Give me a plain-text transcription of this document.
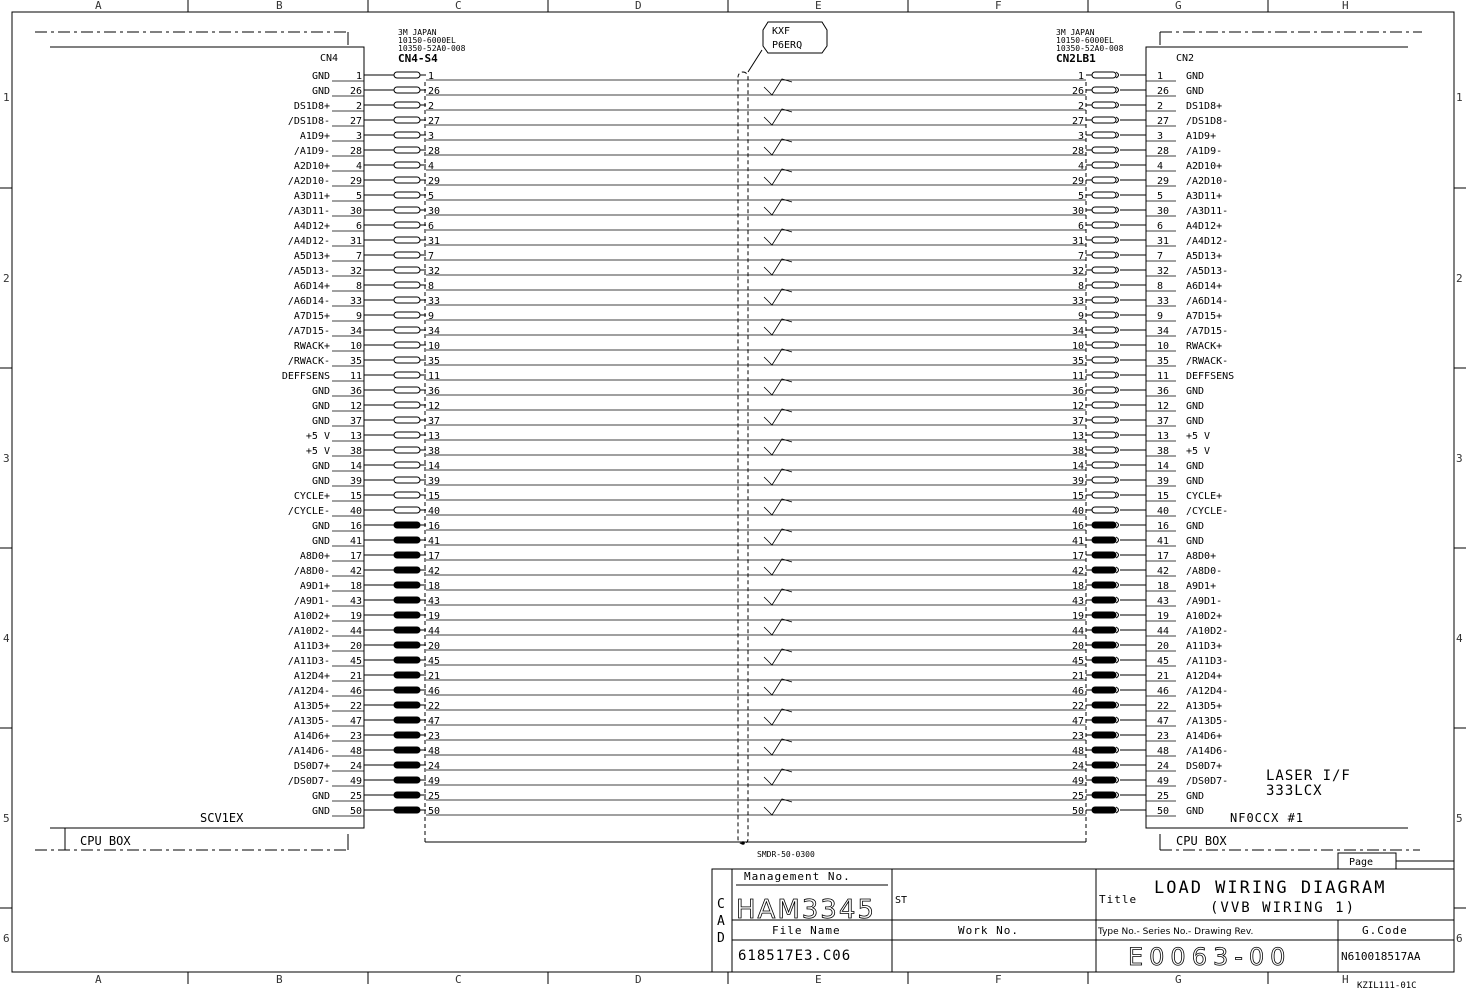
A
A
B
B
C
C
D
D
E
E
F
F
G
G
H
H
1	1
2	2
3	3
4	4
5	5
6	6
CN4
SCV1EX
CPU BOX
3M JAPAN
10150-6000EL
10350-52A0-008
CN4-S4
3M JAPAN
10150-6000EL
10350-52A0-008
CN2LB1
KXF
P6ERQ
SMDR-50-0300
GND	1	1	1	1 GND
GND 26	26	26	26 GND
DS1D8+	2	2	2	2 DS1D8+
/DS1D8- 27	27	27	27 /DS1D8-
A1D9+	3	3	3	3 A1D9+
/A1D9- 28	28	28	28 /A1D9-
A2D10+	4	4	4	4 A2D10+
/A2D10- 29	29	29	29 /A2D10-
A3D11+	5	5	5	5 A3D11+
/A3D11- 30	30	30	30 /A3D11-
A4D12+	6	6	6	6 A4D12+
/A4D12- 31	31	31	31 /A4D12-
A5D13+	7	7	7	7 A5D13+
/A5D13- 32	32	32	32 /A5D13-
A6D14+	8	8	8	8 A6D14+
/A6D14- 33	33	33	33 /A6D14-
A7D15+	9	9	9	9 A7D15+
/A7D15- 34	34	34	34 /A7D15-
RWACK+ 10	10	10	10 RWACK+
/RWACK- 35	35	35	35 /RWACK-
DEFFSENS 11	11	11	11 DEFFSENS
GND 36	36	36	36 GND
GND 12	12	12	12 GND
GND 37	37	37	37 GND
+5 V 13	13	13	13 +5 V
+5 V 38	38	38	38 +5 V
GND 14	14	14	14 GND
GND 39	39	39	39 GND
CYCLE+ 15	15	15	15 CYCLE+
/CYCLE- 40	40	40	40 /CYCLE-
GND 16	16	16	16 GND
GND 41	41	41	41 GND
A8D0+ 17	17	17	17 A8D0+
/A8D0- 42	42	42	42 /A8D0-
A9D1+ 18	18	18	18 A9D1+
/A9D1- 43	43	43	43 /A9D1-
A10D2+ 19	19	19	19 A10D2+
/A10D2- 44	44	44	44 /A10D2-
A11D3+ 20	20	20	20 A11D3+
/A11D3- 45	45	45	45 /A11D3-
A12D4+ 21	21	21	21 A12D4+
/A12D4- 46	46	46	46 /A12D4-
A13D5+ 22	22	22	22 A13D5+
/A13D5- 47	47	47	47 /A13D5-
A14D6+ 23	23	23	23 A14D6+
/A14D6- 48	48	48	48 /A14D6-
DS0D7+ 24	24	24	24 DS0D7+
/DS0D7- 49	49	49	49 /DS0D7-
GND 25	25	25	25 GND
GND 50	50	50	50 GND
CN2
LASER I/F
333LCX
NF0CCX #1
CPU BOX
Page
Management No.
HAM3345 ST
C
A
D
Title
LOAD WIRING DIAGRAM
(VVB WIRING 1)
File Name
618517E3.C06
Work No.	Type No.- Series No.- Drawing Rev.
E0063-00
G.Code
N610018517AA
KZIL111-01C
